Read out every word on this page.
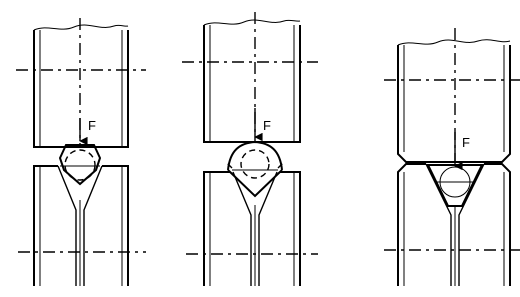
F	F
F
